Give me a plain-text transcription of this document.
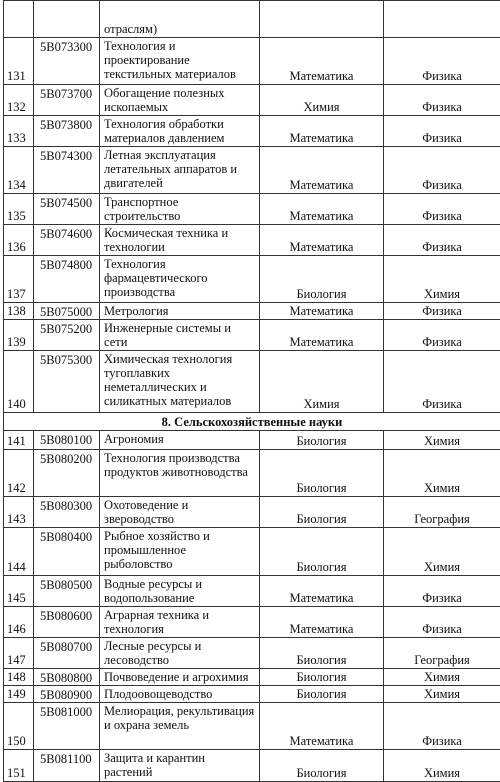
		отраслям)		
131	5B073300	Технология и проектирование текстильных материалов	Математика	Физика
132	5B073700	Обогащение полезных ископаемых	Химия	Физика
133	5B073800	Технология обработки материалов давлением	Математика	Физика
134	5B074300	Летная эксплуатация летательных аппаратов и двигателей	Математика	Физика
135	5B074500	Транспортное строительство	Математика	Физика
136	5B074600	Космическая техника и технологии	Математика	Физика
137	5B074800	Технология фармацевтического производства	Биология	Химия
138	5B075000	Метрология	Математика	Физика
139	5B075200	Инженерные системы и сети	Математика	Физика
140	5B075300	Химическая технология тугоплавких неметаллических и силикатных материалов	Химия	Физика
8. Сельскохозяйственные науки				
141	5B080100	Агрономия	Биология	Химия
142	5B080200	Технология производства продуктов животноводства	Биология	Химия
143	5B080300	Охотоведение и звероводство	Биология	География
144	5B080400	Рыбное хозяйство и промышленное рыболовство	Биология	Химия
145	5B080500	Водные ресурсы и водопользование	Математика	Физика
146	5B080600	Аграрная техника и технология	Математика	Физика
147	5B080700	Лесные ресурсы и лесоводство	Биология	География
148	5B080800	Почвоведение и агрохимия	Биология	Химия
149	5B080900	Плодоовощеводство	Биология	Химия
150	5B081000	Мелиорация, рекультивация и охрана земель	Математика	Физика
151	5B081100	Защита и карантин растений	Биология	Химия
